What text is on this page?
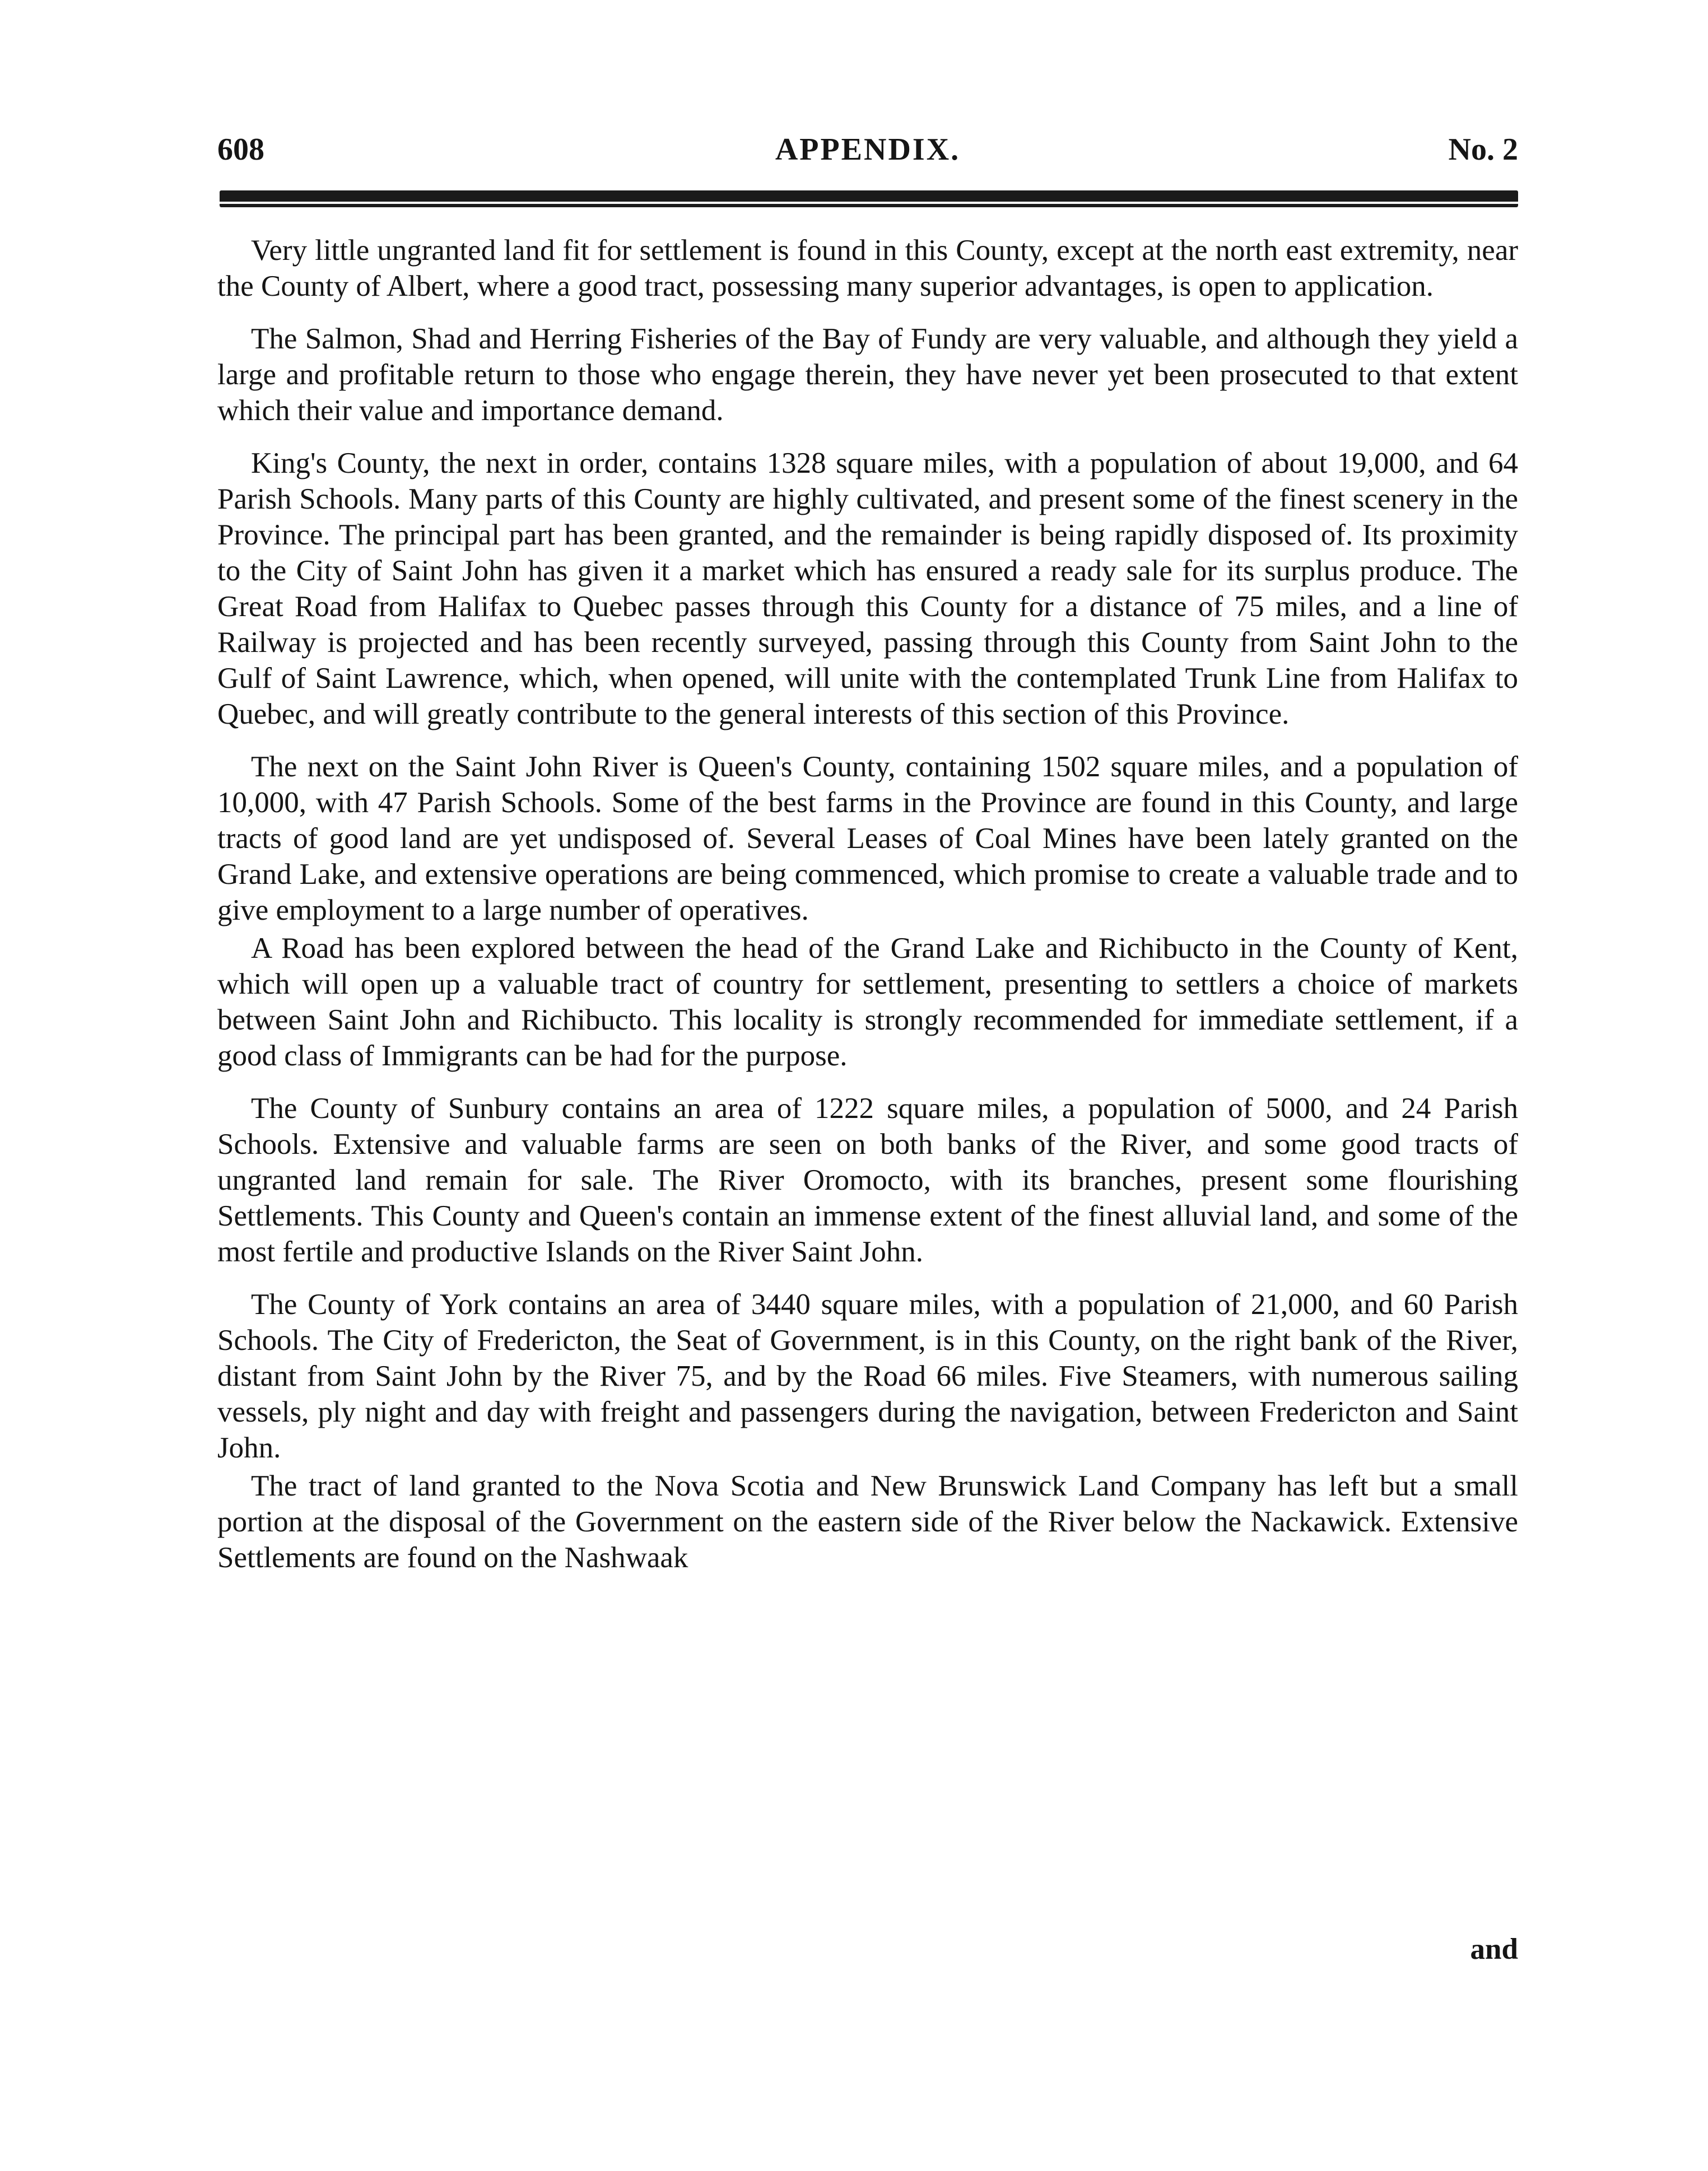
608	APPENDIX.	No. 2

Very little ungranted land fit for settlement is found in this County, except at the north east extremity, near the County of Albert, where a good tract, possessing many superior advantages, is open to application.

The Salmon, Shad and Herring Fisheries of the Bay of Fundy are very valuable, and although they yield a large and profitable return to those who engage therein, they have never yet been prosecuted to that extent which their value and importance demand.

King's County, the next in order, contains 1328 square miles, with a population of about 19,000, and 64 Parish Schools. Many parts of this County are highly cultivated, and present some of the finest scenery in the Province. The principal part has been granted, and the remainder is being rapidly disposed of. Its proximity to the City of Saint John has given it a market which has ensured a ready sale for its surplus produce. The Great Road from Halifax to Quebec passes through this County for a distance of 75 miles, and a line of Railway is projected and has been recently surveyed, passing through this County from Saint John to the Gulf of Saint Lawrence, which, when opened, will unite with the contemplated Trunk Line from Halifax to Quebec, and will greatly contribute to the general interests of this section of this Province.

The next on the Saint John River is Queen's County, containing 1502 square miles, and a population of 10,000, with 47 Parish Schools. Some of the best farms in the Province are found in this County, and large tracts of good land are yet undisposed of. Several Leases of Coal Mines have been lately granted on the Grand Lake, and extensive operations are being commenced, which promise to create a valuable trade and to give employment to a large number of operatives.

A Road has been explored between the head of the Grand Lake and Richibucto in the County of Kent, which will open up a valuable tract of country for settlement, presenting to settlers a choice of markets between Saint John and Richibucto. This locality is strongly recommended for immediate settlement, if a good class of Immigrants can be had for the purpose.

The County of Sunbury contains an area of 1222 square miles, a population of 5000, and 24 Parish Schools. Extensive and valuable farms are seen on both banks of the River, and some good tracts of ungranted land remain for sale. The River Oromocto, with its branches, present some flourishing Settlements. This County and Queen's contain an immense extent of the finest alluvial land, and some of the most fertile and productive Islands on the River Saint John.

The County of York contains an area of 3440 square miles, with a population of 21,000, and 60 Parish Schools. The City of Fredericton, the Seat of Government, is in this County, on the right bank of the River, distant from Saint John by the River 75, and by the Road 66 miles. Five Steamers, with numerous sailing vessels, ply night and day with freight and passengers during the navigation, between Fredericton and Saint John.

The tract of land granted to the Nova Scotia and New Brunswick Land Company has left but a small portion at the disposal of the Government on the eastern side of the River below the Nackawick. Extensive Settlements are found on the Nashwaak

and
